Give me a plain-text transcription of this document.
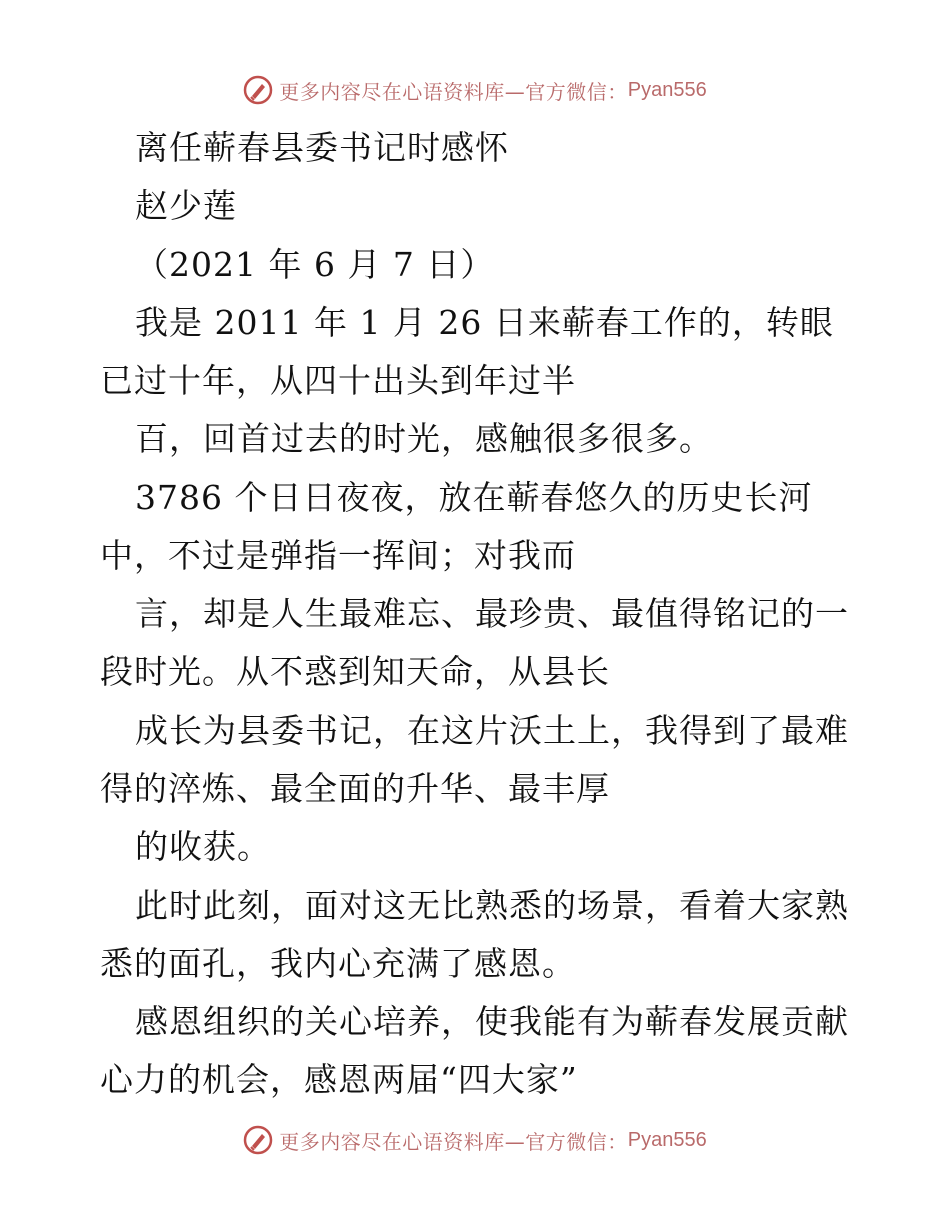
更多内容尽在心语资料库—官方微信： Pyan556
离任蕲春县委书记时感怀
赵少莲
（2021 年 6 月 7 日）
我是 2011 年 1 月 26 日来蕲春工作的，转眼
已过十年，从四十出头到年过半
百，回首过去的时光，感触很多很多。
3786 个日日夜夜，放在蕲春悠久的历史长河
中，不过是弹指一挥间；对我而
言，却是人生最难忘、最珍贵、最值得铭记的一
段时光。从不惑到知天命，从县长
成长为县委书记，在这片沃土上，我得到了最难
得的淬炼、最全面的升华、最丰厚
的收获。
此时此刻，面对这无比熟悉的场景，看着大家熟
悉的面孔，我内心充满了感恩。
感恩组织的关心培养，使我能有为蕲春发展贡献
心力的机会，感恩两届“四大家”
更多内容尽在心语资料库—官方微信： Pyan556
